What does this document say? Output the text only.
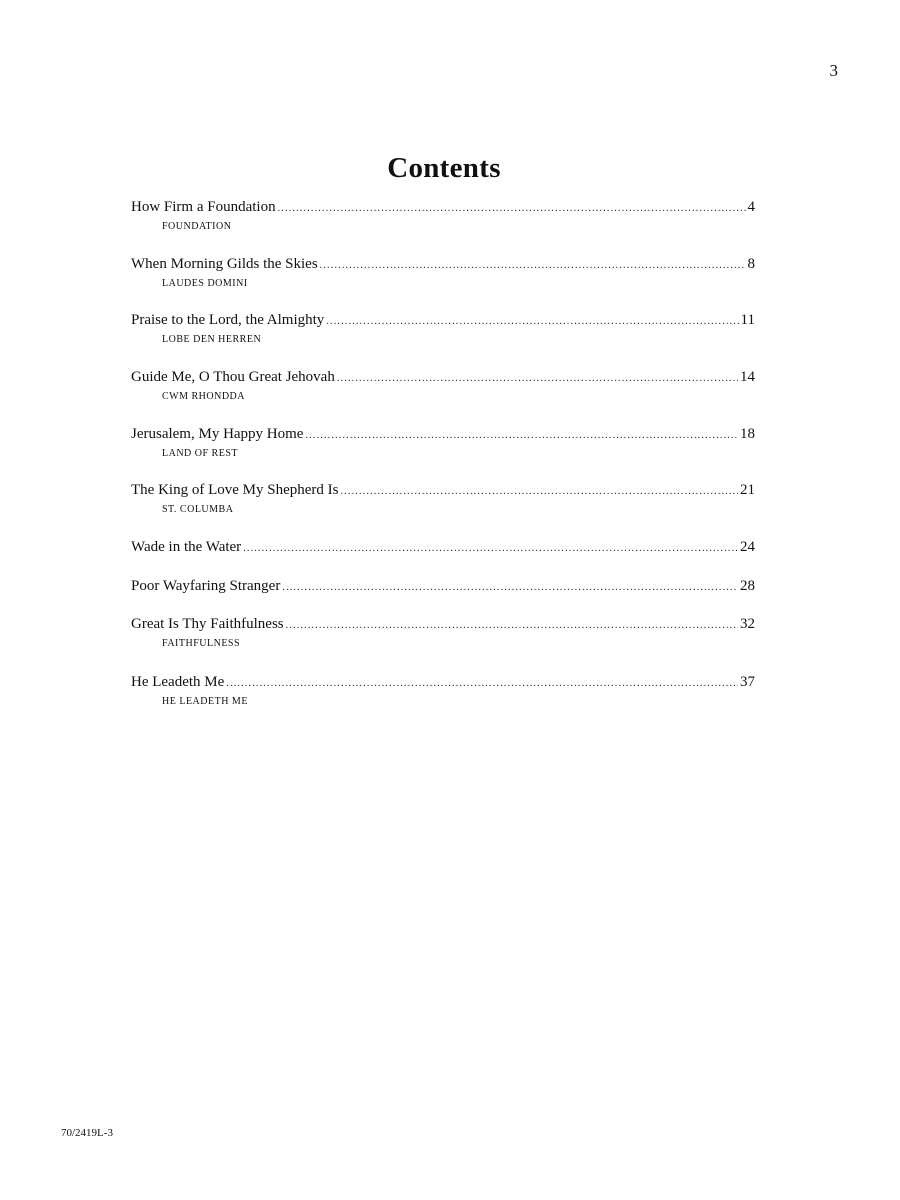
3
Contents
How Firm a Foundation .....	4
FOUNDATION
When Morning Gilds the Skies .....	8
LAUDES DOMINI
Praise to the Lord, the Almighty .....	11
LOBE DEN HERREN
Guide Me, O Thou Great Jehovah .....	14
CWM RHONDDA
Jerusalem, My Happy Home .....	18
LAND OF REST
The King of Love My Shepherd Is .....	21
ST. COLUMBA
Wade in the Water .....	24
Poor Wayfaring Stranger .....	28
Great Is Thy Faithfulness .....	32
FAITHFULNESS
He Leadeth Me .....	37
HE LEADETH ME
70/2419L-3
